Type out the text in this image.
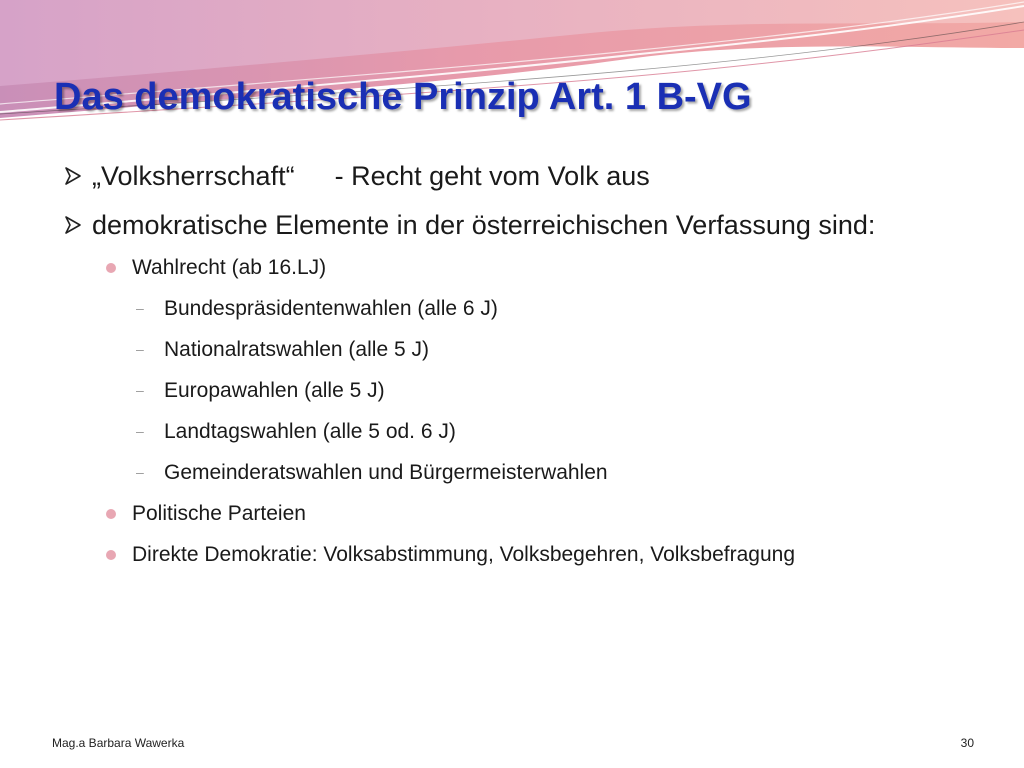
Das demokratische Prinzip Art. 1 B-VG
„Volksherrschaft“ - Recht geht vom Volk aus
demokratische Elemente in der österreichischen Verfassung sind:
Wahlrecht (ab 16.LJ)
– Bundespräsidentenwahlen (alle 6 J)
– Nationalratswahlen (alle 5 J)
– Europawahlen (alle 5 J)
– Landtagswahlen (alle 5 od. 6 J)
– Gemeinderatswahlen und Bürgermeisterwahlen
Politische Parteien
Direkte Demokratie: Volksabstimmung, Volksbegehren, Volksbefragung
Mag.a Barbara Wawerka	30
